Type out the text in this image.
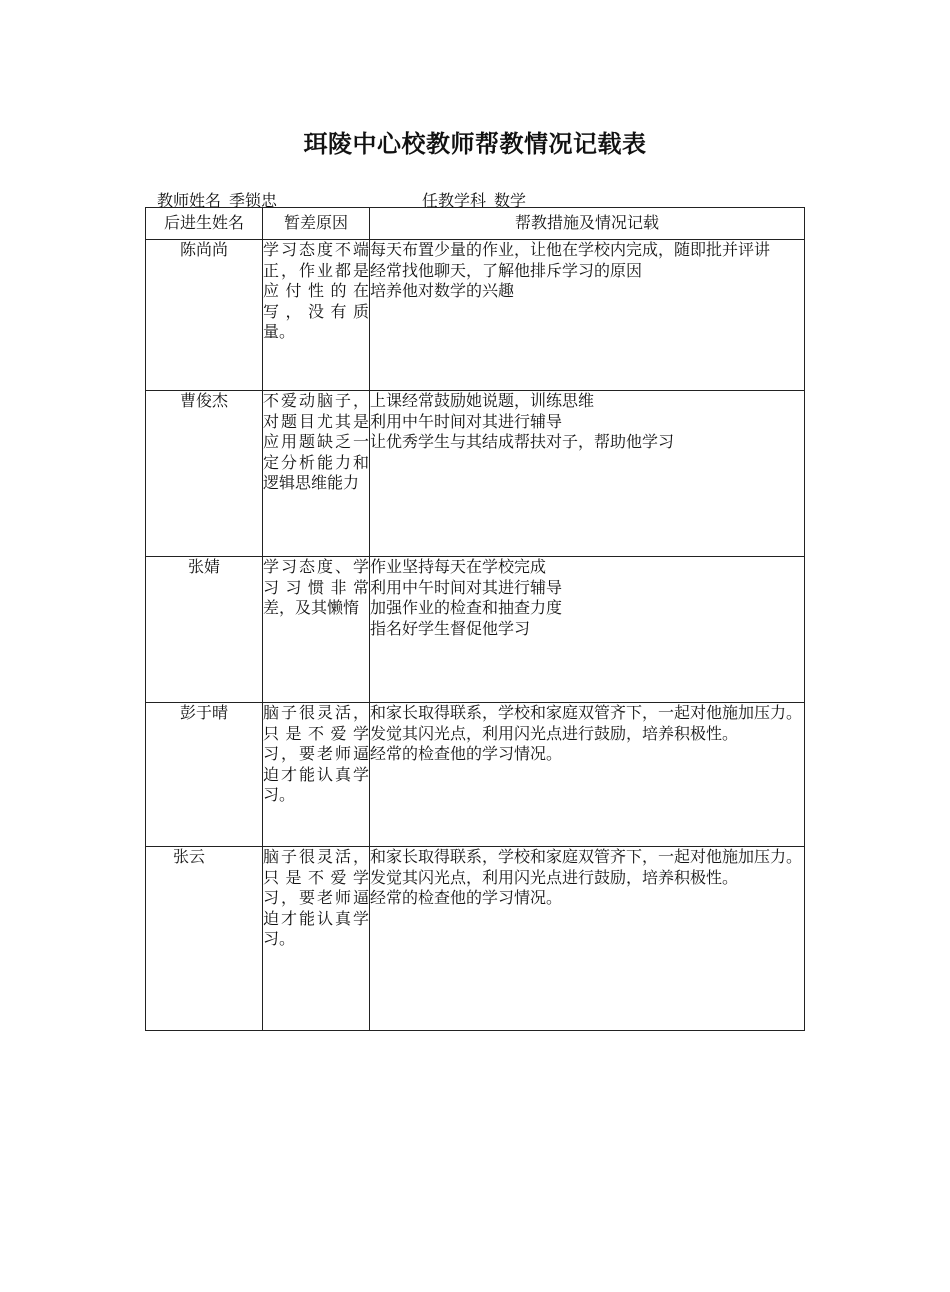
珥陵中心校教师帮教情况记载表
教师姓名 季锁忠	任教学科 数学
后进生姓名	暂差原因	帮教措施及情况记载
陈尚尚	学习态度不端正，作业都是应付性的在写，没有质量。	每天布置少量的作业，让他在学校内完成，随即批并评讲
经常找他聊天，了解他排斥学习的原因
培养他对数学的兴趣

曹俊杰	不爱动脑子，对题目尤其是应用题缺乏一定分析能力和逻辑思维能力	上课经常鼓励她说题，训练思维
利用中午时间对其进行辅导
让优秀学生与其结成帮扶对子，帮助他学习

张婧	学习态度、学习习惯非常差，及其懒惰	作业坚持每天在学校完成
利用中午时间对其进行辅导
加强作业的检查和抽查力度
指名好学生督促他学习

彭于晴	脑子很灵活，只是不爱学习，要老师逼迫才能认真学习。	和家长取得联系，学校和家庭双管齐下，一起对他施加压力。
发觉其闪光点，利用闪光点进行鼓励，培养积极性。
经常的检查他的学习情况。

张云	脑子很灵活，只是不爱学习，要老师逼迫才能认真学习。	和家长取得联系，学校和家庭双管齐下，一起对他施加压力。
发觉其闪光点，利用闪光点进行鼓励，培养积极性。
经常的检查他的学习情况。
